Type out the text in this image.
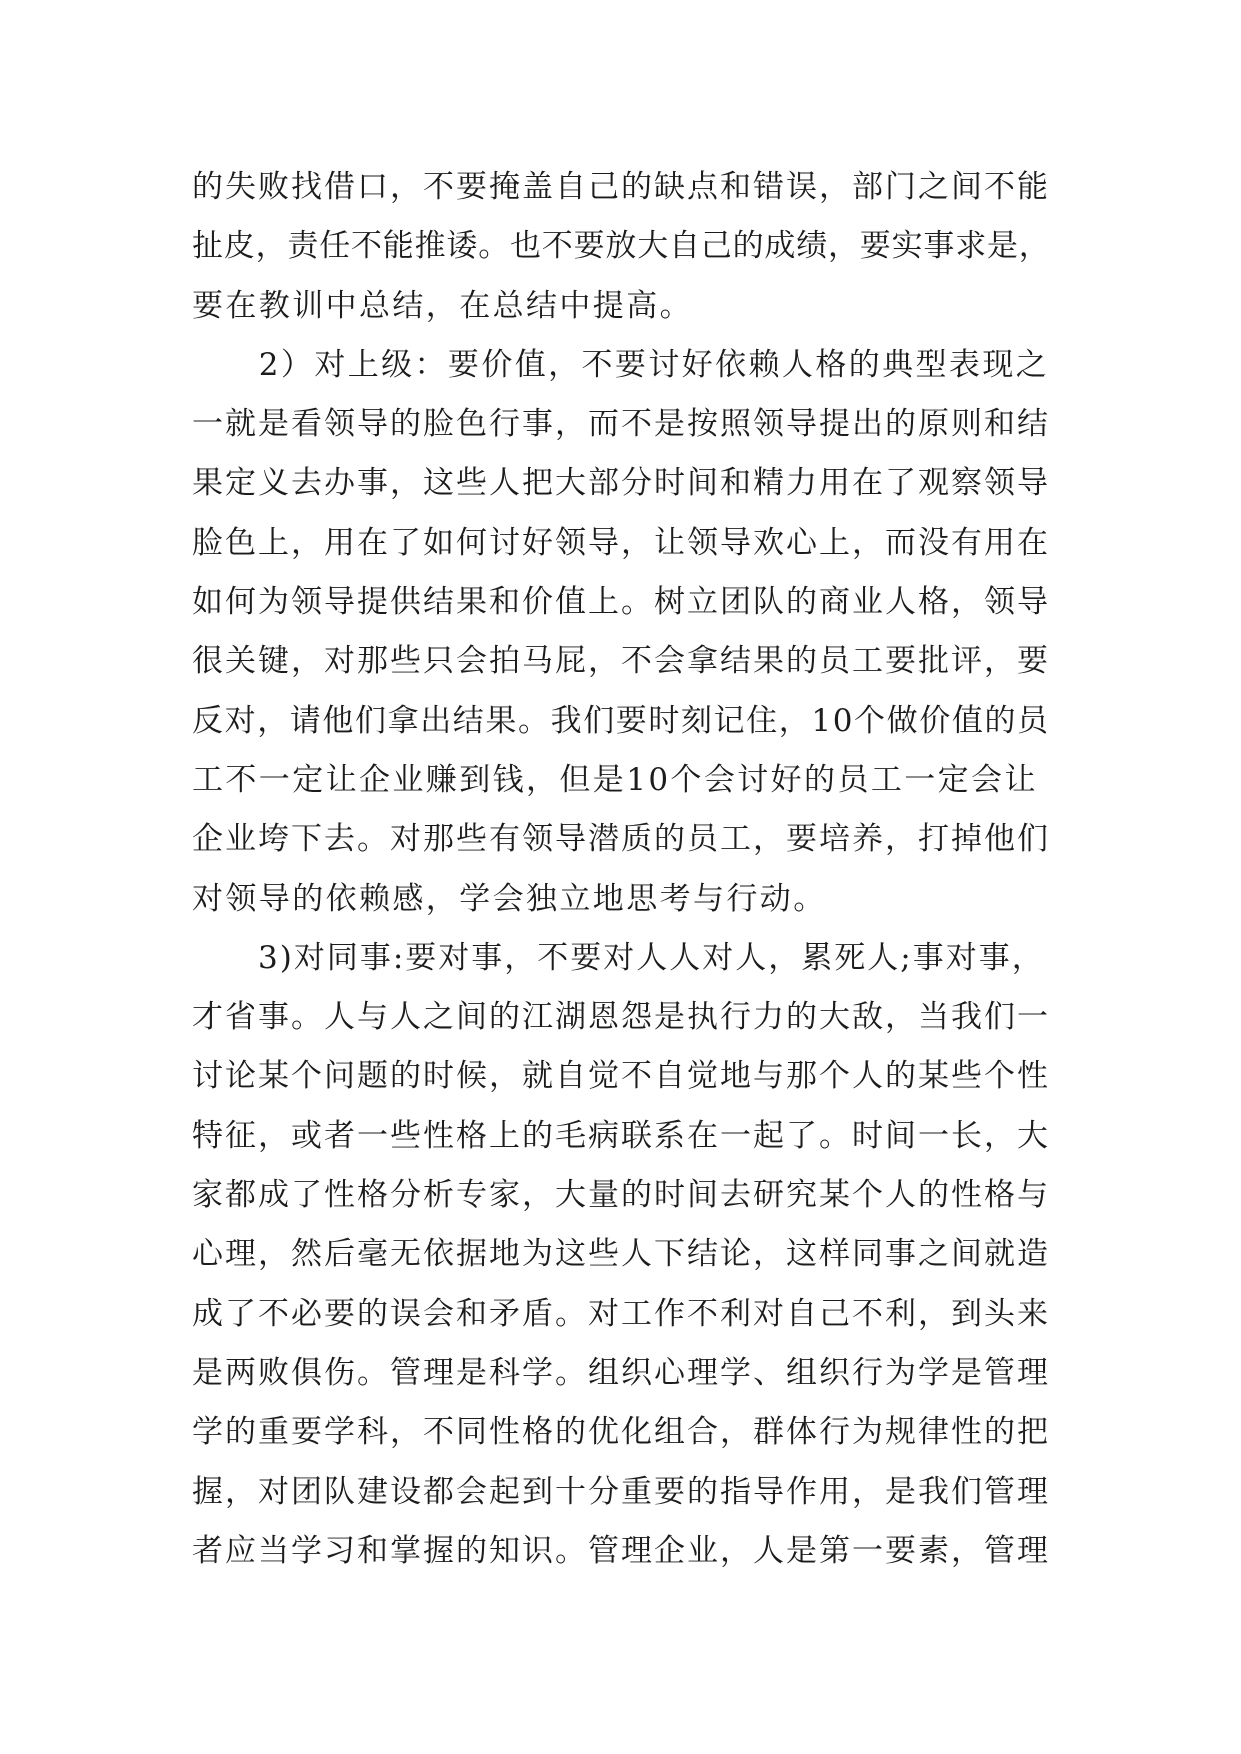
的失败找借口，不要掩盖自己的缺点和错误，部门之间不能
扯皮，责任不能推诿。也不要放大自己的成绩，要实事求是，
要在教训中总结，在总结中提高。
　　2）对上级：要价值，不要讨好依赖人格的典型表现之
一就是看领导的脸色行事，而不是按照领导提出的原则和结
果定义去办事，这些人把大部分时间和精力用在了观察领导
脸色上，用在了如何讨好领导，让领导欢心上，而没有用在
如何为领导提供结果和价值上。树立团队的商业人格，领导
很关键，对那些只会拍马屁，不会拿结果的员工要批评，要
反对，请他们拿出结果。我们要时刻记住，10个做价值的员
工不一定让企业赚到钱，但是10个会讨好的员工一定会让
企业垮下去。对那些有领导潜质的员工，要培养，打掉他们
对领导的依赖感，学会独立地思考与行动。
　　3)对同事:要对事，不要对人人对人，累死人;事对事，
才省事。人与人之间的江湖恩怨是执行力的大敌，当我们一
讨论某个问题的时候，就自觉不自觉地与那个人的某些个性
特征，或者一些性格上的毛病联系在一起了。时间一长，大
家都成了性格分析专家，大量的时间去研究某个人的性格与
心理，然后毫无依据地为这些人下结论，这样同事之间就造
成了不必要的误会和矛盾。对工作不利对自己不利，到头来
是两败俱伤。管理是科学。组织心理学、组织行为学是管理
学的重要学科，不同性格的优化组合，群体行为规律性的把
握，对团队建设都会起到十分重要的指导作用，是我们管理
者应当学习和掌握的知识。管理企业，人是第一要素，管理
